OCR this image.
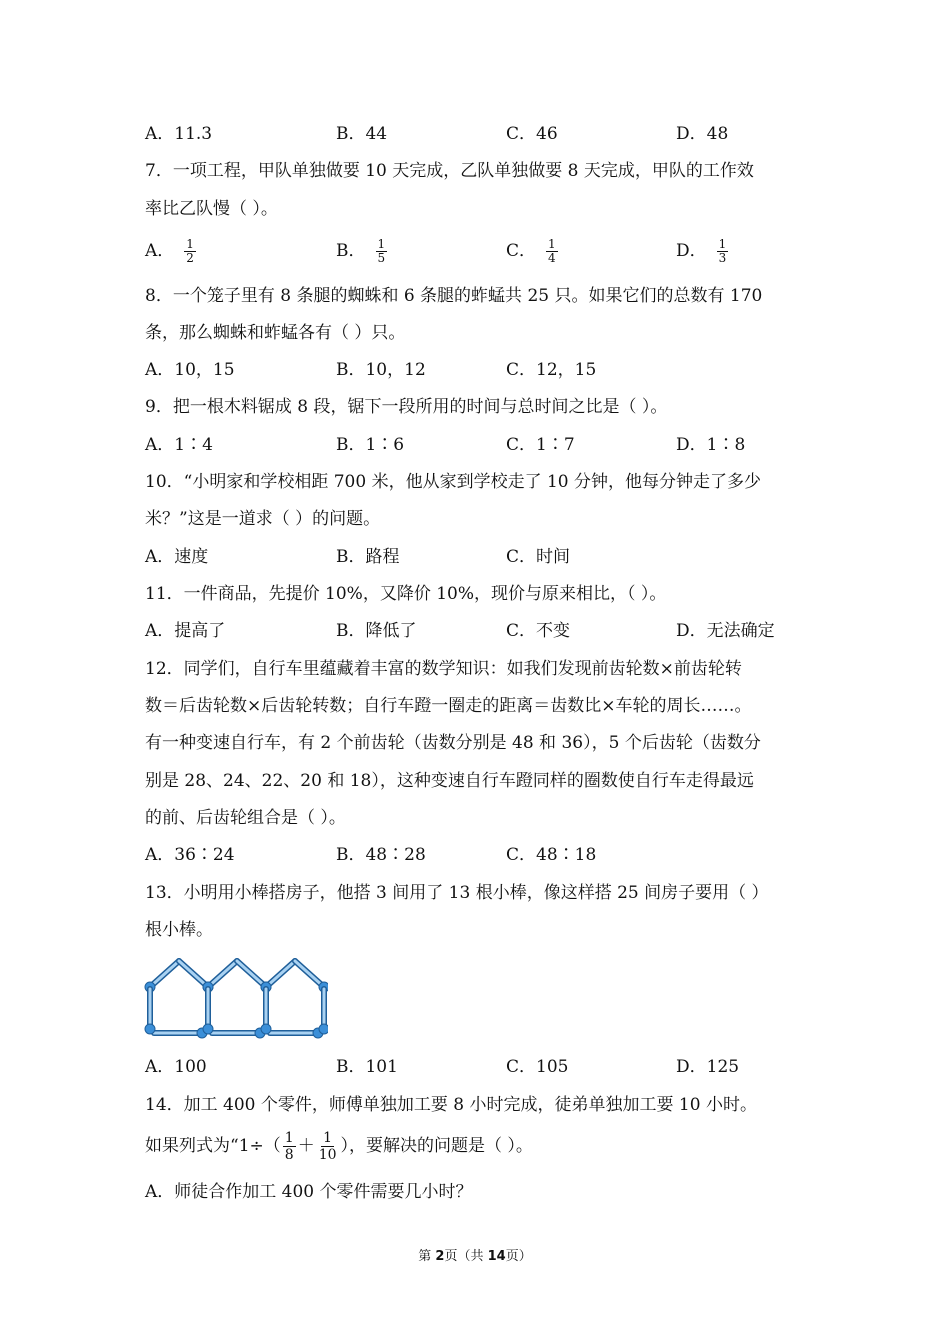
A．11.3	B．44	C．46	D．48
7．一项工程，甲队单独做要 10 天完成，乙队单独做要 8 天完成，甲队的工作效
率比乙队慢（ ）。
A． $\frac{1}{2}$	B． $\frac{1}{5}$	C． $\frac{1}{4}$	D． $\frac{1}{3}$
8．一个笼子里有 8 条腿的蜘蛛和 6 条腿的蚱蜢共 25 只。如果它们的总数有 170
条，那么蜘蛛和蚱蜢各有（ ）只。
A．10，15	B．10，12	C．12，15
9．把一根木料锯成 8 段，锯下一段所用的时间与总时间之比是（ ）。
A．1∶4	B．1∶6	C．1∶7	D．1∶8
10．“小明家和学校相距 700 米，他从家到学校走了 10 分钟，他每分钟走了多少
米？”这是一道求（ ）的问题。
A．速度	B．路程	C．时间
11．一件商品，先提价 10%，又降价 10%，现价与原来相比，（ ）。
A．提高了	B．降低了	C．不变	D．无法确定
12．同学们，自行车里蕴藏着丰富的数学知识：如我们发现前齿轮数×前齿轮转
数＝后齿轮数×后齿轮转数；自行车蹬一圈走的距离＝齿数比×车轮的周长……。
有一种变速自行车，有 2 个前齿轮（齿数分别是 48 和 36），5 个后齿轮（齿数分
别是 28、24、22、20 和 18），这种变速自行车蹬同样的圈数使自行车走得最远
的前、后齿轮组合是（ ）。
A．36∶24	B．48∶28	C．48∶18
13．小明用小棒搭房子，他搭 3 间用了 13 根小棒，像这样搭 25 间房子要用（ ）
根小棒。
A．100	B．101	C．105	D．125
14．加工 400 个零件，师傅单独加工要 8 小时完成，徒弟单独加工要 10 小时。
如果列式为“$1\div( \frac{1}{8} + \frac{1}{10}$ ），要解决的问题是（ ）。
A．师徒合作加工 400 个零件需要几小时？
第 2页（共 14页）
